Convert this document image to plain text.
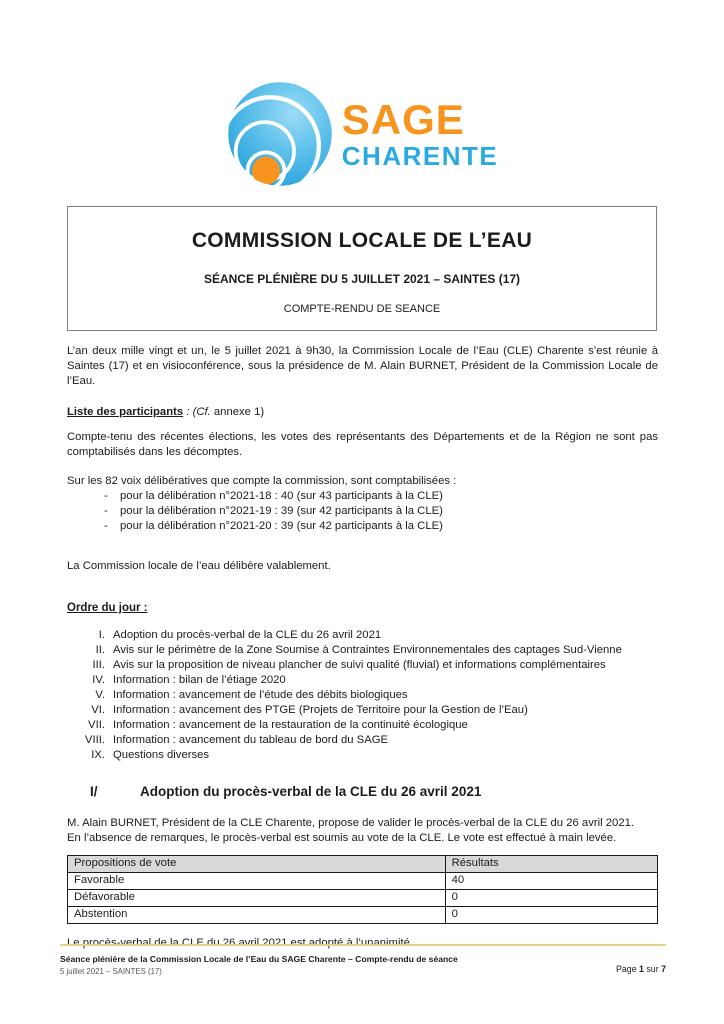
SAGE
CHARENTE
COMMISSION LOCALE DE L’EAU
SÉANCE PLÉNIÈRE DU 5 JUILLET 2021 – SAINTES (17)
COMPTE-RENDU DE SEANCE
L’an deux mille vingt et un, le 5 juillet 2021 à 9h30, la Commission Locale de l’Eau (CLE) Charente s’est réunie à Saintes (17) et en visioconférence, sous la présidence de M. Alain BURNET, Président de la Commission Locale de l’Eau.
Liste des participants : (Cf. annexe 1)
Compte-tenu des récentes élections, les votes des représentants des Départements et de la Région ne sont pas comptabilisés dans les décomptes.
Sur les 82 voix délibératives que compte la commission, sont comptabilisées :
-	pour la délibération n°2021-18 : 40 (sur 43 participants à la CLE)
-	pour la délibération n°2021-19 : 39 (sur 42 participants à la CLE)
-	pour la délibération n°2021-20 : 39 (sur 42 participants à la CLE)
La Commission locale de l’eau délibère valablement.
Ordre du jour :
I. Adoption du procès-verbal de la CLE du 26 avril 2021
II. Avis sur le périmètre de la Zone Soumise à Contraintes Environnementales des captages Sud-Vienne
III. Avis sur la proposition de niveau plancher de suivi qualité (fluvial) et informations complémentaires
IV. Information : bilan de l’étiage 2020
V. Information : avancement de l’étude des débits biologiques
VI. Information : avancement des PTGE (Projets de Territoire pour la Gestion de l’Eau)
VII. Information : avancement de la restauration de la continuité écologique
VIII. Information : avancement du tableau de bord du SAGE
IX. Questions diverses
I/	Adoption du procès-verbal de la CLE du 26 avril 2021
M. Alain BURNET, Président de la CLE Charente, propose de valider le procès-verbal de la CLE du 26 avril 2021.
En l’absence de remarques, le procès-verbal est soumis au vote de la CLE. Le vote est effectué à main levée.
Propositions de vote	Résultats
Favorable	40
Défavorable	0
Abstention	0
Le procès-verbal de la CLE du 26 avril 2021 est adopté à l’unanimité.
Séance plénière de la Commission Locale de l’Eau du SAGE Charente – Compte-rendu de séance
5 juillet 2021 – SAINTES (17)	Page 1 sur 7
